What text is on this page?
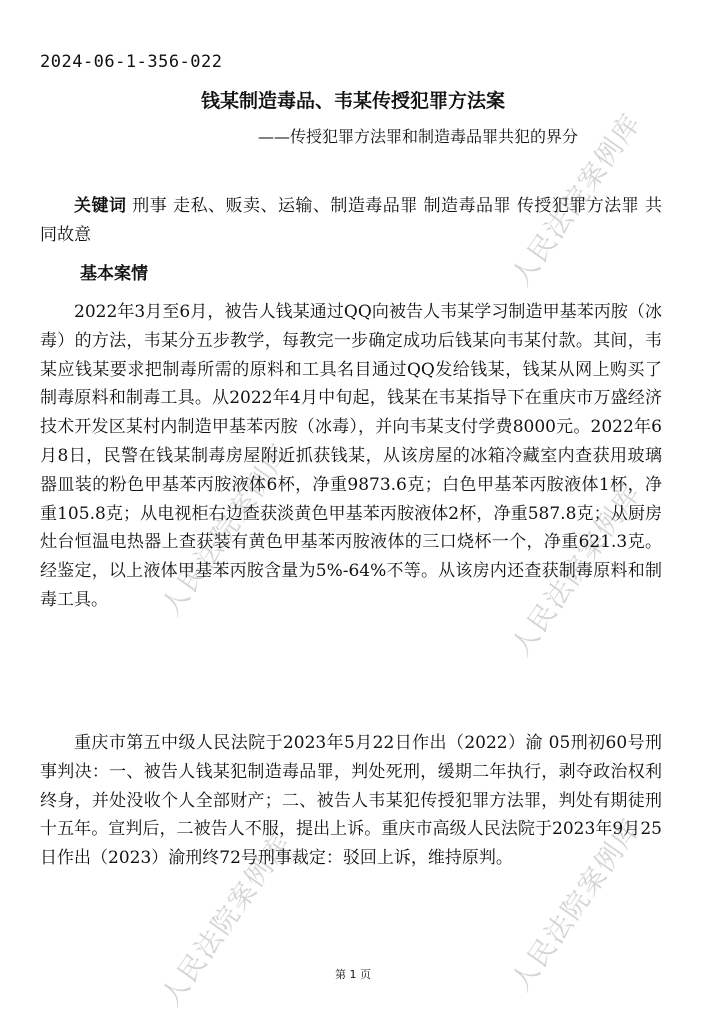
人民法院案例库
人民法院案例库
人民法院案例库	人民法院案例库
人民法院案例库
2024-06-1-356-022
钱某制造毒品、韦某传授犯罪方法案
——传授犯罪方法罪和制造毒品罪共犯的界分

关键词 刑事 走私、贩卖、运输、制造毒品罪 制造毒品罪 传授犯罪方法罪 共同故意

基本案情

2022年3月至6月，被告人钱某通过QQ向被告人韦某学习制造甲基苯丙胺（冰毒）的方法，韦某分五步教学，每教完一步确定成功后钱某向韦某付款。其间，韦某应钱某要求把制毒所需的原料和工具名目通过QQ发给钱某，钱某从网上购买了制毒原料和制毒工具。从2022年4月中旬起，钱某在韦某指导下在重庆市万盛经济技术开发区某村内制造甲基苯丙胺（冰毒），并向韦某支付学费8000元。2022年6月8日，民警在钱某制毒房屋附近抓获钱某，从该房屋的冰箱冷藏室内查获用玻璃器皿装的粉色甲基苯丙胺液体6杯，净重9873.6克；白色甲基苯丙胺液体1杯，净重105.8克；从电视柜右边查获淡黄色甲基苯丙胺液体2杯，净重587.8克；从厨房灶台恒温电热器上查获装有黄色甲基苯丙胺液体的三口烧杯一个，净重621.3克。经鉴定，以上液体甲基苯丙胺含量为5%-64%不等。从该房内还查获制毒原料和制毒工具。

重庆市第五中级人民法院于2023年5月22日作出（2022）渝 05刑初60号刑事判决：一、被告人钱某犯制造毒品罪，判处死刑，缓期二年执行，剥夺政治权利终身，并处没收个人全部财产；二、被告人韦某犯传授犯罪方法罪，判处有期徒刑十五年。宣判后，二被告人不服，提出上诉。重庆市高级人民法院于2023年9月25日作出（2023）渝刑终72号刑事裁定：驳回上诉，维持原判。

第 1 页
